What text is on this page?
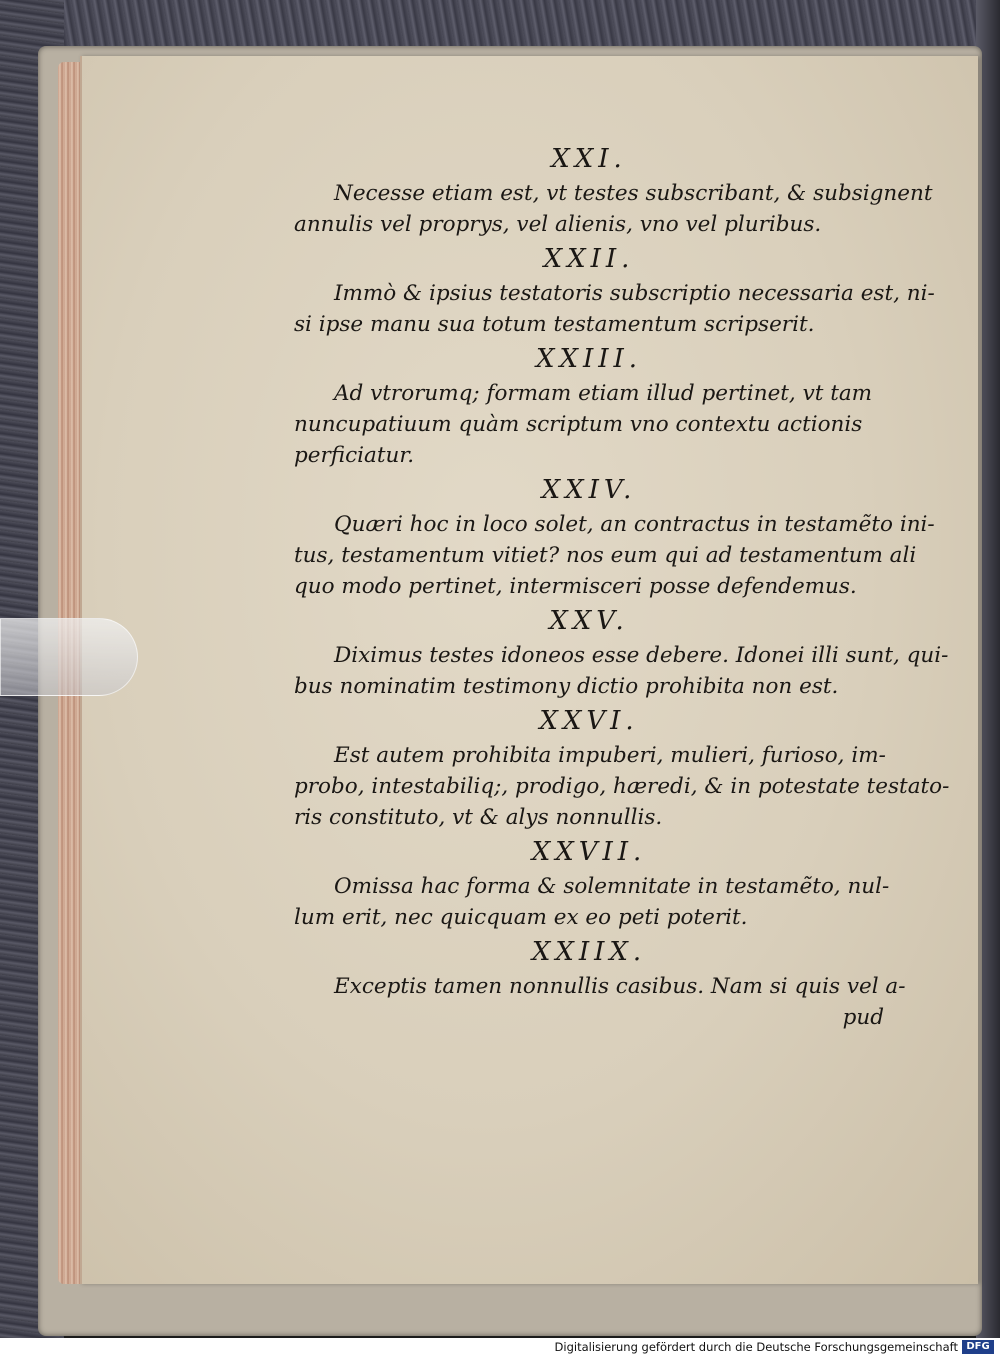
XXI.

Necesse etiam est, vt testes subscribant, & subsignent
annulis vel proprys, vel alienis, vno vel pluribus.

XXII.

Immò & ipsius testatoris subscriptio necessaria est, ni-
si ipse manu sua totum testamentum scripserit.

XXIII.

Ad vtrorumq; formam etiam illud pertinet, vt tam
nuncupatiuum quàm scriptum vno contextu actionis
perficiatur.

XXIV.

Quæri hoc in loco solet, an contractus in testamẽto ini-
tus, testamentum vitiet? nos eum qui ad testamentum ali
quo modo pertinet, intermisceri posse defendemus.

XXV.

Diximus testes idoneos esse debere. Idonei illi sunt, qui-
bus nominatim testimony dictio prohibita non est.

XXVI.

Est autem prohibita impuberi, mulieri, furioso, im-
probo, intestabiliq;, prodigo, hæredi, & in potestate testato-
ris constituto, vt & alys nonnullis.

XXVII.

Omissa hac forma & solemnitate in testamẽto, nul-
lum erit, nec quicquam ex eo peti poterit.

XXIIX.

Exceptis tamen nonnullis casibus. Nam si quis vel a-
pud

Digitalisierung gefördert durch die Deutsche Forschungsgemeinschaft DFG
